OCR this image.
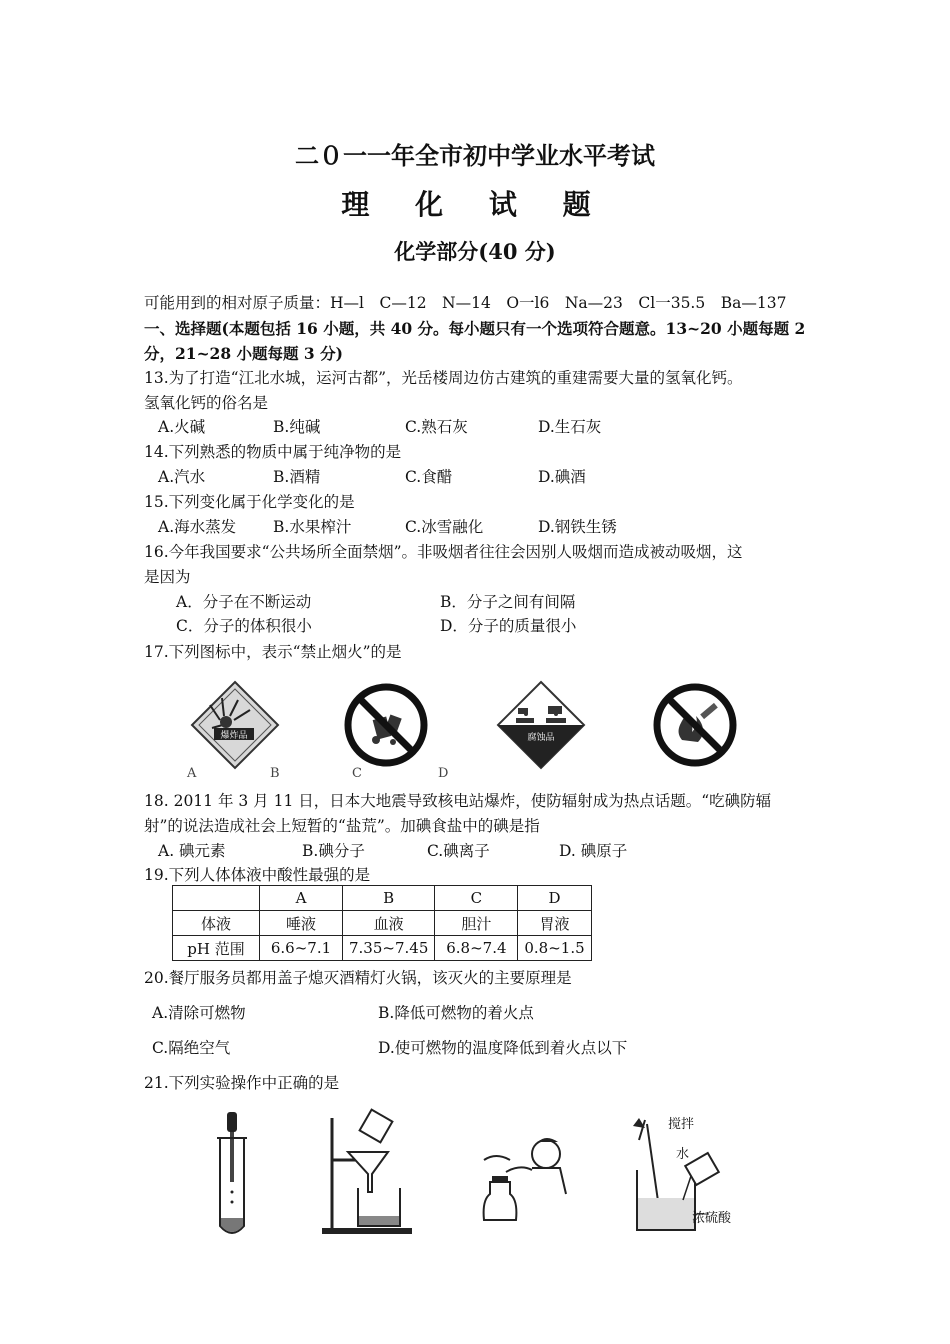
二０一一年全市初中学业水平考试
理 化 试 题
化学部分(40 分)
可能用到的相对原子质量：H—l　C—12　N—14　O一l6　Na—23　Cl一35.5　Ba—137
一、选择题(本题包括 16 小题，共 40 分。每小题只有一个选项符合题意。13~20 小题每题 2
分，21~28 小题每题 3 分)
13.为了打造“江北水城，运河古都”，光岳楼周边仿古建筑的重建需要大量的氢氧化钙。
氢氧化钙的俗名是
A.火碱	B.纯碱	C.熟石灰	D.生石灰
14.下列熟悉的物质中属于纯净物的是
A.汽水	B.酒精	C.食醋	D.碘酒
15.下列变化属于化学变化的是
A.海水蒸发 B.水果榨汁	C.冰雪融化	D.钢铁生锈
16.今年我国要求“公共场所全面禁烟”。非吸烟者往往会因别人吸烟而造成被动吸烟，这
是因为
A．分子在不断运动	B．分子之间有间隔
C．分子的体积很小	D．分子的质量很小
17.下列图标中，表示“禁止烟火”的是
爆炸品	腐蚀品
A	B	C	D
18. 2011 年 3 月 11 日，日本大地震导致核电站爆炸，使防辐射成为热点话题。“吃碘防辐
射”的说法造成社会上短暂的“盐荒”。加碘食盐中的碘是指
A. 碘元素	B.碘分子	C.碘离子	D. 碘原子
19.下列人体体液中酸性最强的是
	A	B	C	D
体液	唾液	血液	胆汁	胃液
pH 范围	6.6~7.1	7.35~7.45	6.8~7.4	0.8~1.5
20.餐厅服务员都用盖子熄灭酒精灯火锅，该灭火的主要原理是
A.清除可燃物	B.降低可燃物的着火点
C.隔绝空气	D.使可燃物的温度降低到着火点以下
21.下列实验操作中正确的是
搅拌
水
浓硫酸
